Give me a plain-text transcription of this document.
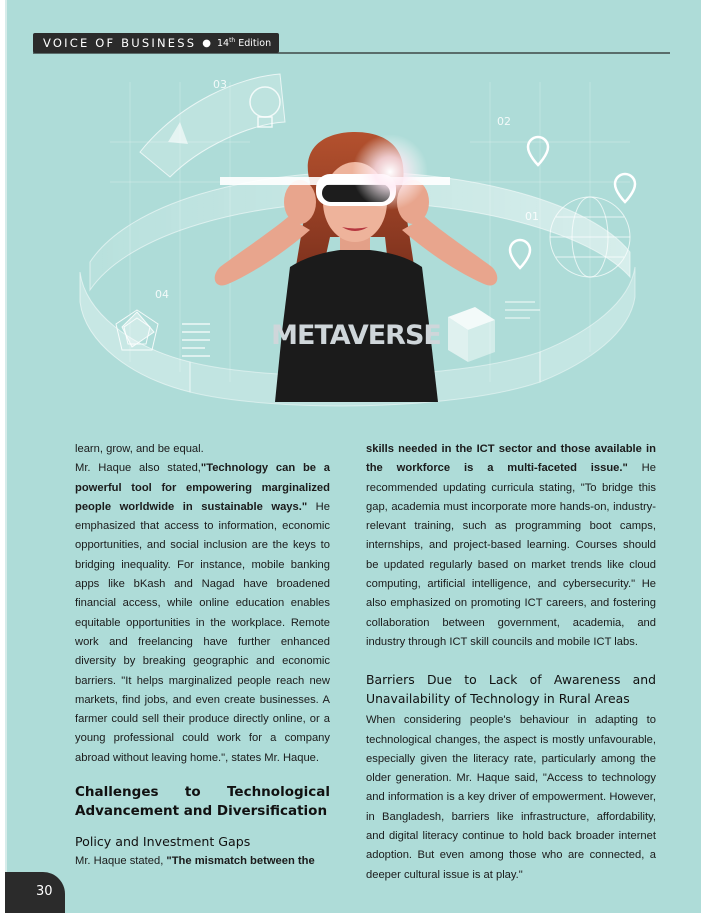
VOICE OF BUSINESS ● 14th Edition
03
02
01
04
METAVERSE

learn, grow, and be equal.

Mr. Haque also stated,"Technology can be a powerful tool for empowering marginalized people worldwide in sustainable ways." He emphasized that access to information, economic opportunities, and social inclusion are the keys to bridging inequality. For instance, mobile banking apps like bKash and Nagad have broadened financial access, while online education enables equitable opportunities in the workplace. Remote work and freelancing have further enhanced diversity by breaking geographic and economic barriers. "It helps marginalized people reach new markets, find jobs, and even create businesses. A farmer could sell their produce directly online, or a young professional could work for a company abroad without leaving home.", states Mr. Haque.

Challenges to Technological Advancement and Diversification

Policy and Investment Gaps

Mr. Haque stated, "The mismatch between the

skills needed in the ICT sector and those available in the workforce is a multi-faceted issue." He recommended updating curricula stating, "To bridge this gap, academia must incorporate more hands-on, industry-relevant training, such as programming boot camps, internships, and project-based learning. Courses should be updated regularly based on market trends like cloud computing, artificial intelligence, and cybersecurity." He also emphasized on promoting ICT careers, and fostering collaboration between government, academia, and industry through ICT skill councils and mobile ICT labs.

Barriers Due to Lack of Awareness and Unavailability of Technology in Rural Areas

When considering people's behaviour in adapting to technological changes, the aspect is mostly unfavourable, especially given the literacy rate, particularly among the older generation. Mr. Haque said, "Access to technology and information is a key driver of empowerment. However, in Bangladesh, barriers like infrastructure, affordability, and digital literacy continue to hold back broader internet adoption. But even among those who are connected, a deeper cultural issue is at play."

30
